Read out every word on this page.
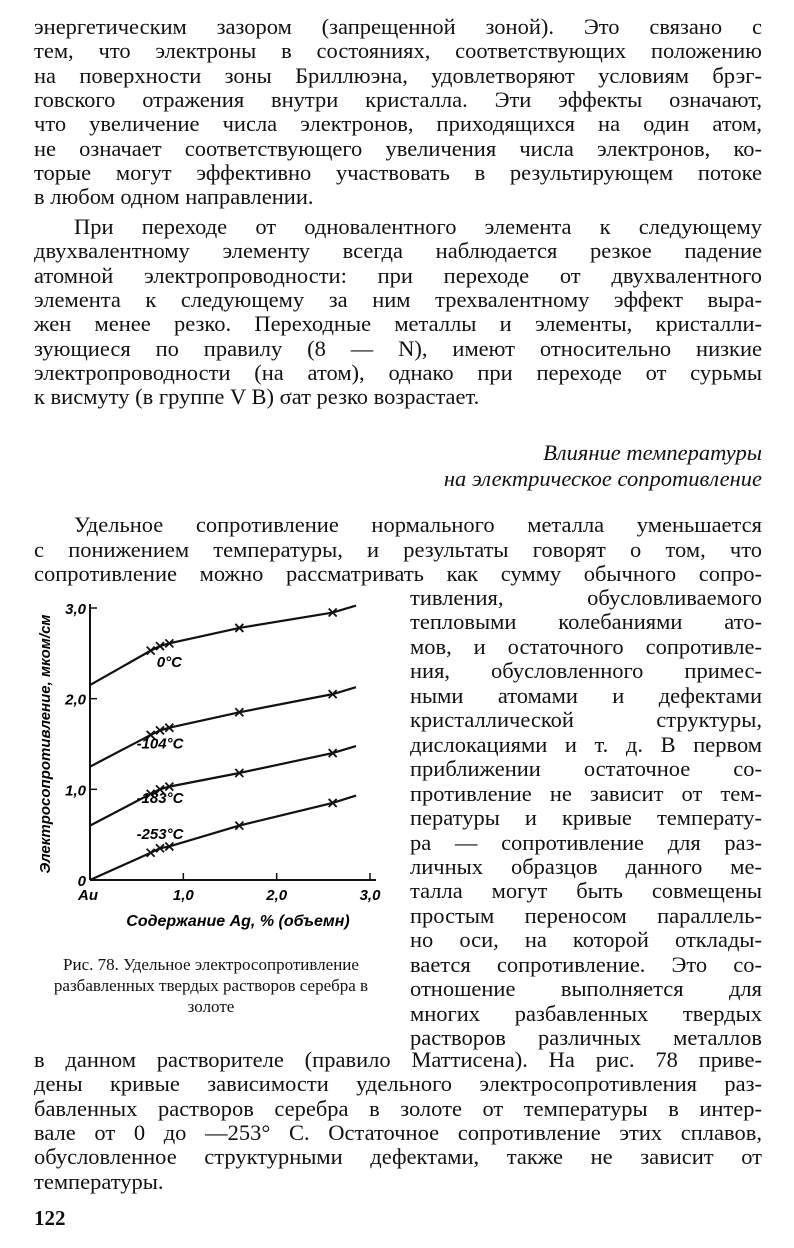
энергетическим зазором (запрещенной зоной). Это связано с
тем, что электроны в состояниях, соответствующих положению
на поверхности зоны Бриллюэна, удовлетворяют условиям брэг-
говского отражения внутри кристалла. Эти эффекты означают,
что увеличение числа электронов, приходящихся на один атом,
не означает соответствующего увеличения числа электронов, ко-
торые могут эффективно участвовать в результирующем потоке
в любом одном направлении.
При переходе от одновалентного элемента к следующему
двухвалентному элементу всегда наблюдается резкое падение
атомной электропроводности: при переходе от двухвалентного
элемента к следующему за ним трехвалентному эффект выра-
жен менее резко. Переходные металлы и элементы, кристалли-
зующиеся по правилу (8 — N), имеют относительно низкие
электропроводности (на атом), однако при переходе от сурьмы
к висмуту (в группе V B) σат резко возрастает.
Влияние температуры
на электрическое сопротивление
Удельное сопротивление нормального металла уменьшается
с понижением температуры, и результаты говорят о том, что
сопротивление можно рассматривать как сумму обычного сопро-
тивления, обусловливаемого
тепловыми колебаниями ато-
мов, и остаточного сопротивле-
ния, обусловленного примес-
ными атомами и дефектами
кристаллической структуры,
дислокациями и т. д. В первом
приближении остаточное со-
противление не зависит от тем-
пературы и кривые температу-
ра — сопротивление для раз-
личных образцов данного ме-
талла могут быть совмещены
простым переносом параллель-
но оси, на которой отклады-
вается сопротивление. Это со-
отношение выполняется для
многих разбавленных твердых
растворов различных металлов
в данном растворителе (правило Маттисена). На рис. 78 приве-
дены кривые зависимости удельного электросопротивления раз-
бавленных растворов серебра в золоте от температуры в интер-
вале от 0 до —253° С. Остаточное сопротивление этих сплавов,
обусловленное структурными дефектами, также не зависит от
температуры.
0
1,0
2,0
3,0
Au	1,0	2,0	3,0
0°C
-104°C
-183°C
-253°C
Электросопротивление, мком/см
Содержание Ag, % (объемн)
Рис. 78. Удельное электросопротивление разбавленных твердых растворов серебра в золоте
122
